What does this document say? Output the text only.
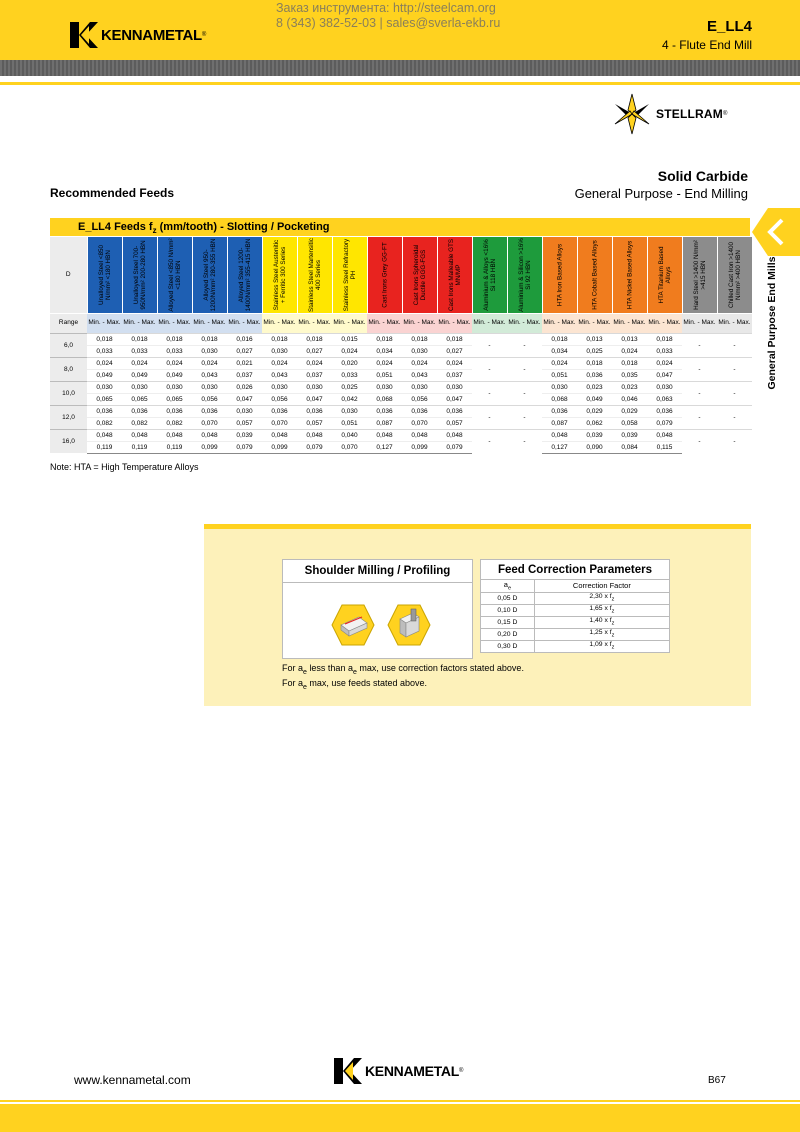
KENNAMETAL ®
Заказ инструмента: http://steelcam.org
8 (343) 382-52-03 | sales@sverla-ekb.ru	E_LL4
4 - Flute End Mill
STELLRAM ®
Solid Carbide
General Purpose - End Milling
Recommended Feeds
General Purpose End Mills
E_LL4 Feeds $f_z$ (mm/tooth) - Slotting / Pocketing
D	Unalloyed Steel <850 N/mm² <180 HBN	Unalloyed Steel 700-950N/mm² 200-280 HBN	Alloyed Steel <850 N/mm² <180 HBN	Alloyed Steel 950-1200N/mm² 280-355 HBN	Alloyed Steel 1200-1400N/mm² 355-415 HBN	Stainless Steel Austenitic + Ferritic 300 Series	Stainless Steel Martensitic 400 Series	Stainless Steel Refractory PH	Cast Irons Grey GG-FT	Cast Irons Spheroidal Ductile GGG-FGS	Cast Irons Malleable GTS MN/MP	Aluminium & Alloys <16% Si 118 HBN	Aluminium & Silicon >16% Si 92 HBN	HTA Iron Based Alloys	HTA Cobalt Based Alloys	HTA Nickel Based Alloys	HTA Titanium Based Alloys	Hard Steel >1400 N/mm² >415 HBN	Chilled Cast Iron >1400 N/mm² >400 HBN

Range	Min. - Max.	Min. - Max.	Min. - Max.	Min. - Max.	Min. - Max.	Min. - Max.	Min. - Max.	Min. - Max.	Min. - Max.	Min. - Max.	Min. - Max.	Min. - Max.	Min. - Max.	Min. - Max.	Min. - Max.	Min. - Max.	Min. - Max.	Min. - Max.	Min. - Max.
6,0	0,018	0,018	0,018	0,018	0,016	0,018	0,018	0,015	0,018	0,018	0,018	-	-	0,018	0,013	0,013	0,018	-	-
	0,033	0,033	0,033	0,030	0,027	0,030	0,027	0,024	0,034	0,030	0,027			0,034	0,025	0,024	0,033		
8,0	0,024	0,024	0,024	0,024	0,021	0,024	0,024	0,020	0,024	0,024	0,024	-	-	0,024	0,018	0,018	0,024	-	-
	0,049	0,049	0,049	0,043	0,037	0,043	0,037	0,033	0,051	0,043	0,037			0,051	0,036	0,035	0,047		
10,0	0,030	0,030	0,030	0,030	0,026	0,030	0,030	0,025	0,030	0,030	0,030	-	-	0,030	0,023	0,023	0,030	-	-
	0,065	0,065	0,065	0,056	0,047	0,056	0,047	0,042	0,068	0,056	0,047			0,068	0,049	0,046	0,063		
12,0	0,036	0,036	0,036	0,036	0,030	0,036	0,036	0,030	0,036	0,036	0,036	-	-	0,036	0,029	0,029	0,036	-	-
	0,082	0,082	0,082	0,070	0,057	0,070	0,057	0,051	0,087	0,070	0,057			0,087	0,062	0,058	0,079		
16,0	0,048	0,048	0,048	0,048	0,039	0,048	0,048	0,040	0,048	0,048	0,048	-	-	0,048	0,039	0,039	0,048	-	-
	0,119	0,119	0,119	0,099	0,079	0,099	0,079	0,070	0,127	0,099	0,079			0,127	0,090	0,084	0,115		
Note: HTA = High Temperature Alloys
Shoulder Milling / Profiling	Feed Correction Parameters	
$a_e$	Correction Factor
0,05 D	2,30 x $f_z$
0,10 D	1,65 x $f_z$
0,15 D	1,40 x $f_z$
0,20 D	1,25 x $f_z$
0,30 D	1,09 x $f_z$
For $a_e$ less than $a_e$ max, use correction factors stated above.
For $a_e$ max, use feeds stated above.
www.kennametal.com
KENNAMETAL ®
B67
